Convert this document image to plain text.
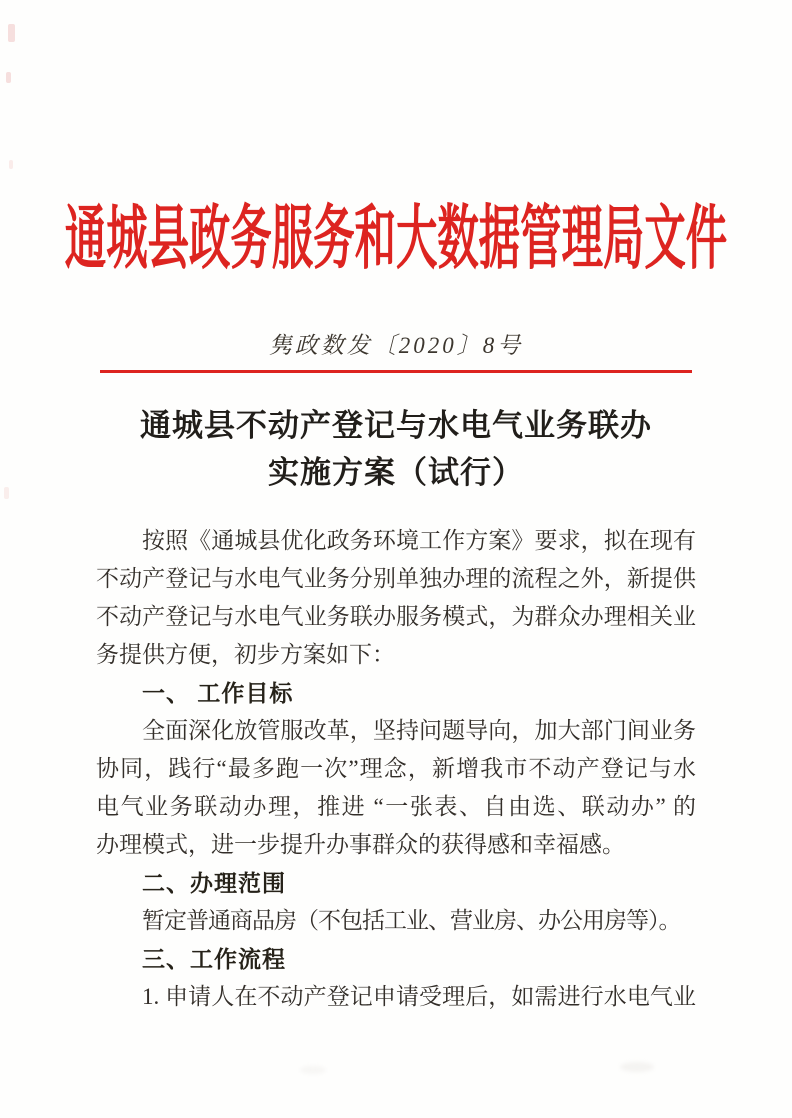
通城县政务服务和大数据管理局文件
隽政数发〔2020〕8号
通城县不动产登记与水电气业务联办
实施方案（试行）
按照《通城县优化政务环境工作方案》要求，拟在现有
不动产登记与水电气业务分别单独办理的流程之外，新提供
不动产登记与水电气业务联办服务模式，为群众办理相关业
务提供方便，初步方案如下：
一、 工作目标
全面深化放管服改革，坚持问题导向，加大部门间业务
协同，践行“最多跑一次”理念，新增我市不动产登记与水
电气业务联动办理，推进 “一张表、自由选、联动办” 的
办理模式，进一步提升办事群众的获得感和幸福感。
二、办理范围
暂定普通商品房（不包括工业、营业房、办公用房等）。
三、工作流程
1. 申请人在不动产登记申请受理后，如需进行水电气业
